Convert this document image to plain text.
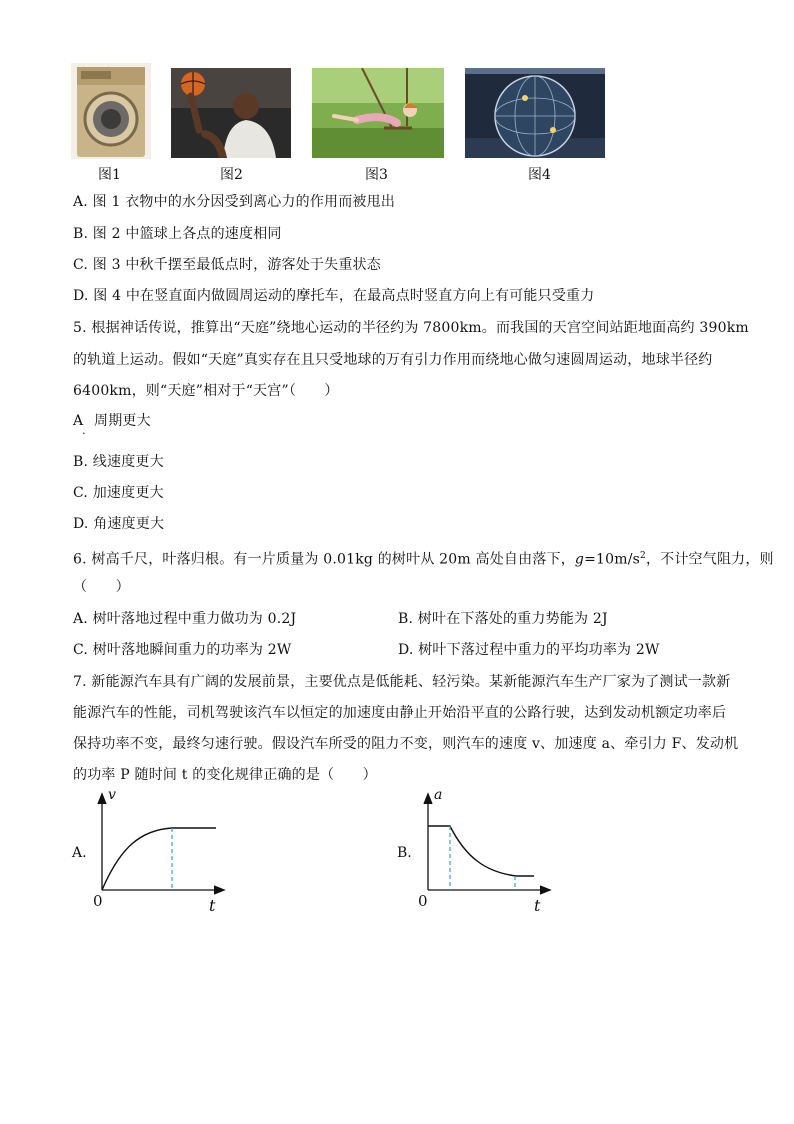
图1	图2	图3	图4
A. 图 1 衣物中的水分因受到离心力的作用而被甩出
B. 图 2 中篮球上各点的速度相同
C. 图 3 中秋千摆至最低点时，游客处于失重状态
D. 图 4 中在竖直面内做圆周运动的摩托车，在最高点时竖直方向上有可能只受重力
5. 根据神话传说，推算出“天庭”绕地心运动的半径约为 7800km。而我国的天宫空间站距地面高约 390km
的轨道上运动。假如“天庭”真实存在且只受地球的万有引力作用而绕地心做匀速圆周运动，地球半径约
6400km，则“天庭”相对于“天宫”（　　）
A
.
周期更大
B. 线速度更大
C. 加速度更大
D. 角速度更大
6. 树高千尺，叶落归根。有一片质量为 0.01kg 的树叶从 20m 高处自由落下，$g=10m/s^2$，不计空气阻力，则
（　　）
A. 树叶落地过程中重力做功为 0.2J	B. 树叶在下落处的重力势能为 2J
C. 树叶落地瞬间重力的功率为 2W	D. 树叶下落过程中重力的平均功率为 2W
7. 新能源汽车具有广阔的发展前景，主要优点是低能耗、轻污染。某新能源汽车生产厂家为了测试一款新
能源汽车的性能，司机驾驶该汽车以恒定的加速度由静止开始沿平直的公路行驶，达到发动机额定功率后
保持功率不变，最终匀速行驶。假设汽车所受的阻力不变，则汽车的速度 v、加速度 a、牵引力 F、发动机
的功率 P 随时间 t 的变化规律正确的是（　　）
A.
v
0	t
B.
a
0	t
